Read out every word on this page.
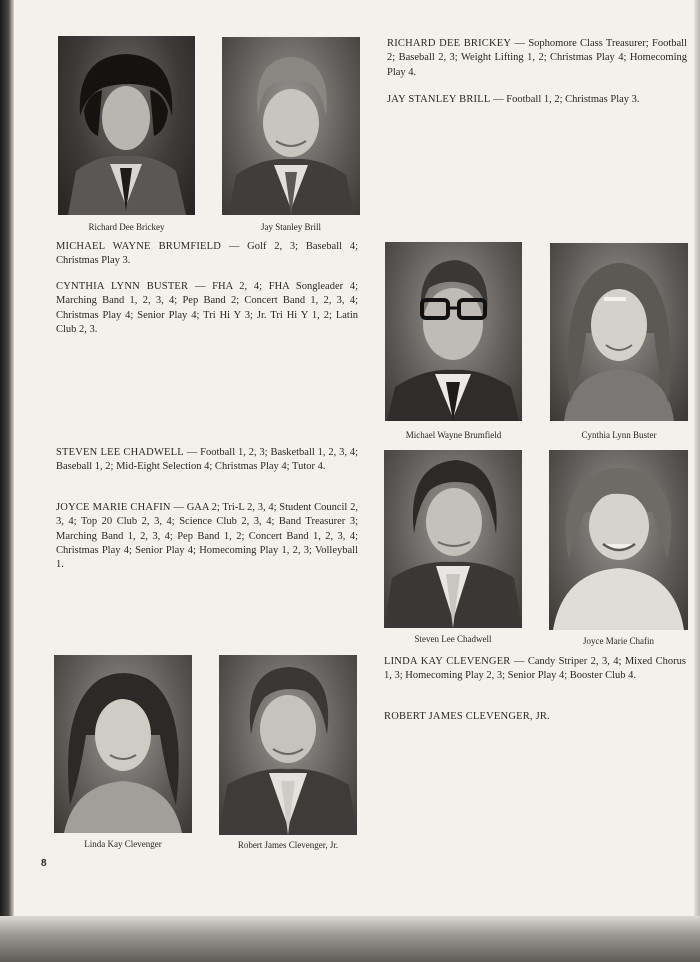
Richard Dee Brickey	Jay Stanley Brill
Michael Wayne Brumfield	Cynthia Lynn Buster
Steven Lee Chadwell	Joyce Marie Chafin
Linda Kay Clevenger	Robert James Clevenger, Jr.
RICHARD DEE BRICKEY — Sophomore Class Treasurer; Football 2; Baseball 2, 3; Weight Lifting 1, 2; Christmas Play 4; Homecoming Play 4.
JAY STANLEY BRILL — Football 1, 2; Christmas Play 3.
MICHAEL WAYNE BRUMFIELD — Golf 2, 3; Baseball 4; Christmas Play 3.
CYNTHIA LYNN BUSTER — FHA 2, 4; FHA Songleader 4; Marching Band 1, 2, 3, 4; Pep Band 2; Concert Band 1, 2, 3, 4; Christmas Play 4; Senior Play 4; Tri Hi Y 3; Jr. Tri Hi Y 1, 2; Latin Club 2, 3.
STEVEN LEE CHADWELL — Football 1, 2, 3; Basketball 1, 2, 3, 4; Baseball 1, 2; Mid-Eight Selection 4; Christmas Play 4; Tutor 4.
JOYCE MARIE CHAFIN — GAA 2; Tri-L 2, 3, 4; Student Council 2, 3, 4; Top 20 Club 2, 3, 4; Science Club 2, 3, 4; Band Treasurer 3; Marching Band 1, 2, 3, 4; Pep Band 1, 2; Concert Band 1, 2, 3, 4; Christmas Play 4; Senior Play 4; Homecoming Play 1, 2, 3; Volleyball 1.
LINDA KAY CLEVENGER — Candy Striper 2, 3, 4; Mixed Chorus 1, 3; Homecoming Play 2, 3; Senior Play 4; Booster Club 4.
ROBERT JAMES CLEVENGER, JR.
8
